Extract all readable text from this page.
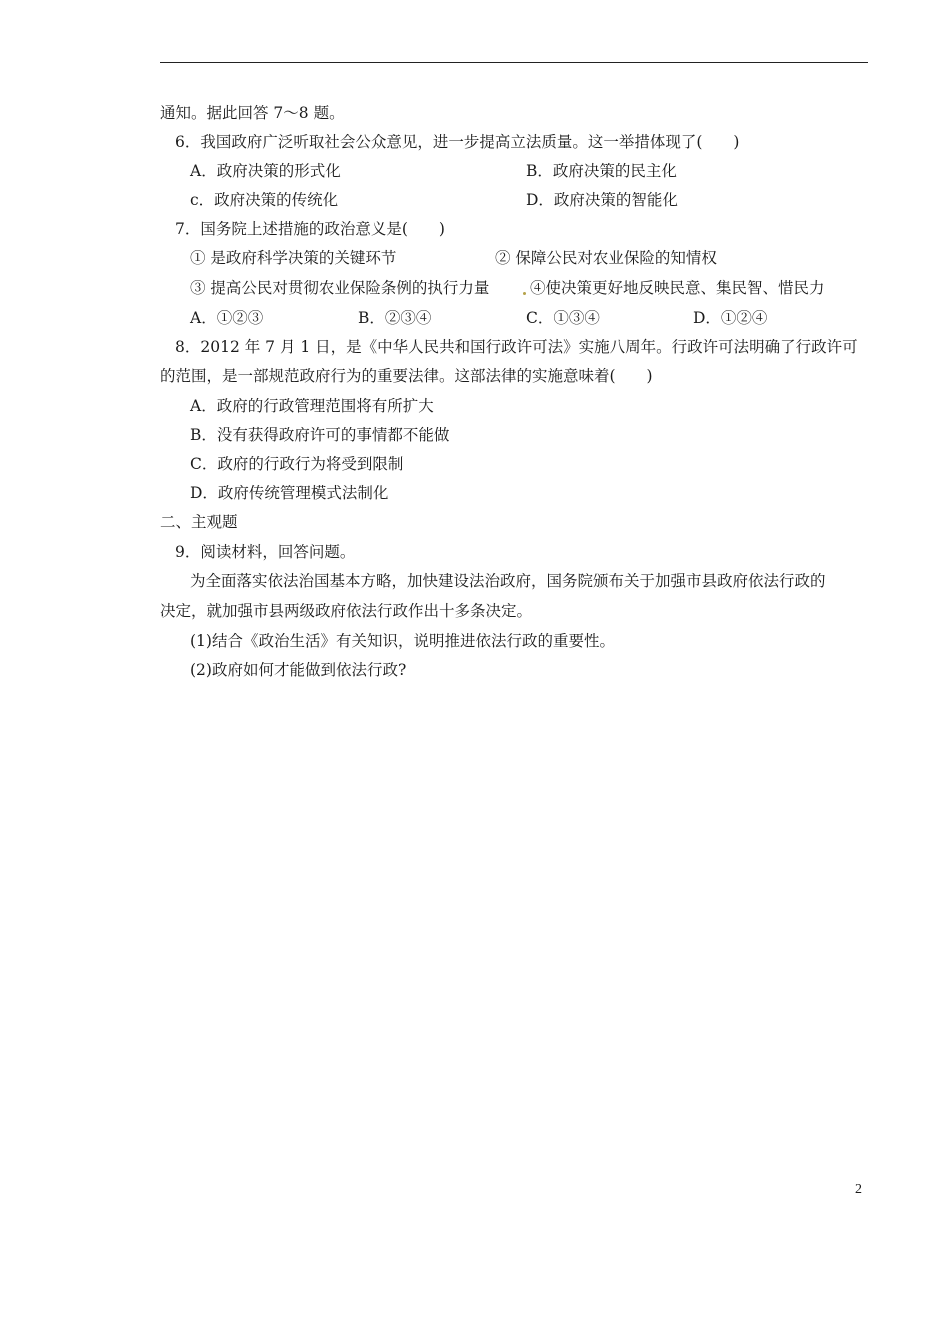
通知。据此回答 7～8 题。
6．我国政府广泛听取社会公众意见，进一步提高立法质量。这一举措体现了(　　)
A．政府决策的形式化	B．政府决策的民主化
c．政府决策的传统化	D．政府决策的智能化
7．国务院上述措施的政治意义是(　　)
① 是政府科学决策的关键环节	② 保障公民对农业保险的知情权
③ 提高公民对贯彻农业保险条例的执行力量	④使决策更好地反映民意、集民智、惜民力
A．①②③	B．②③④	C．①③④	D．①②④
8．2012 年 7 月 1 日，是《中华人民共和国行政许可法》实施八周年。行政许可法明确了行政许可
的范围，是一部规范政府行为的重要法律。这部法律的实施意味着(　　)
A．政府的行政管理范围将有所扩大
B．没有获得政府许可的事情都不能做
C．政府的行政行为将受到限制
D．政府传统管理模式法制化
二、主观题
9．阅读材料，回答问题。
为全面落实依法治国基本方略，加快建设法治政府，国务院颁布关于加强市县政府依法行政的
决定，就加强市县两级政府依法行政作出十多条决定。
(1)结合《政治生活》有关知识，说明推进依法行政的重要性。
(2)政府如何才能做到依法行政?
2
